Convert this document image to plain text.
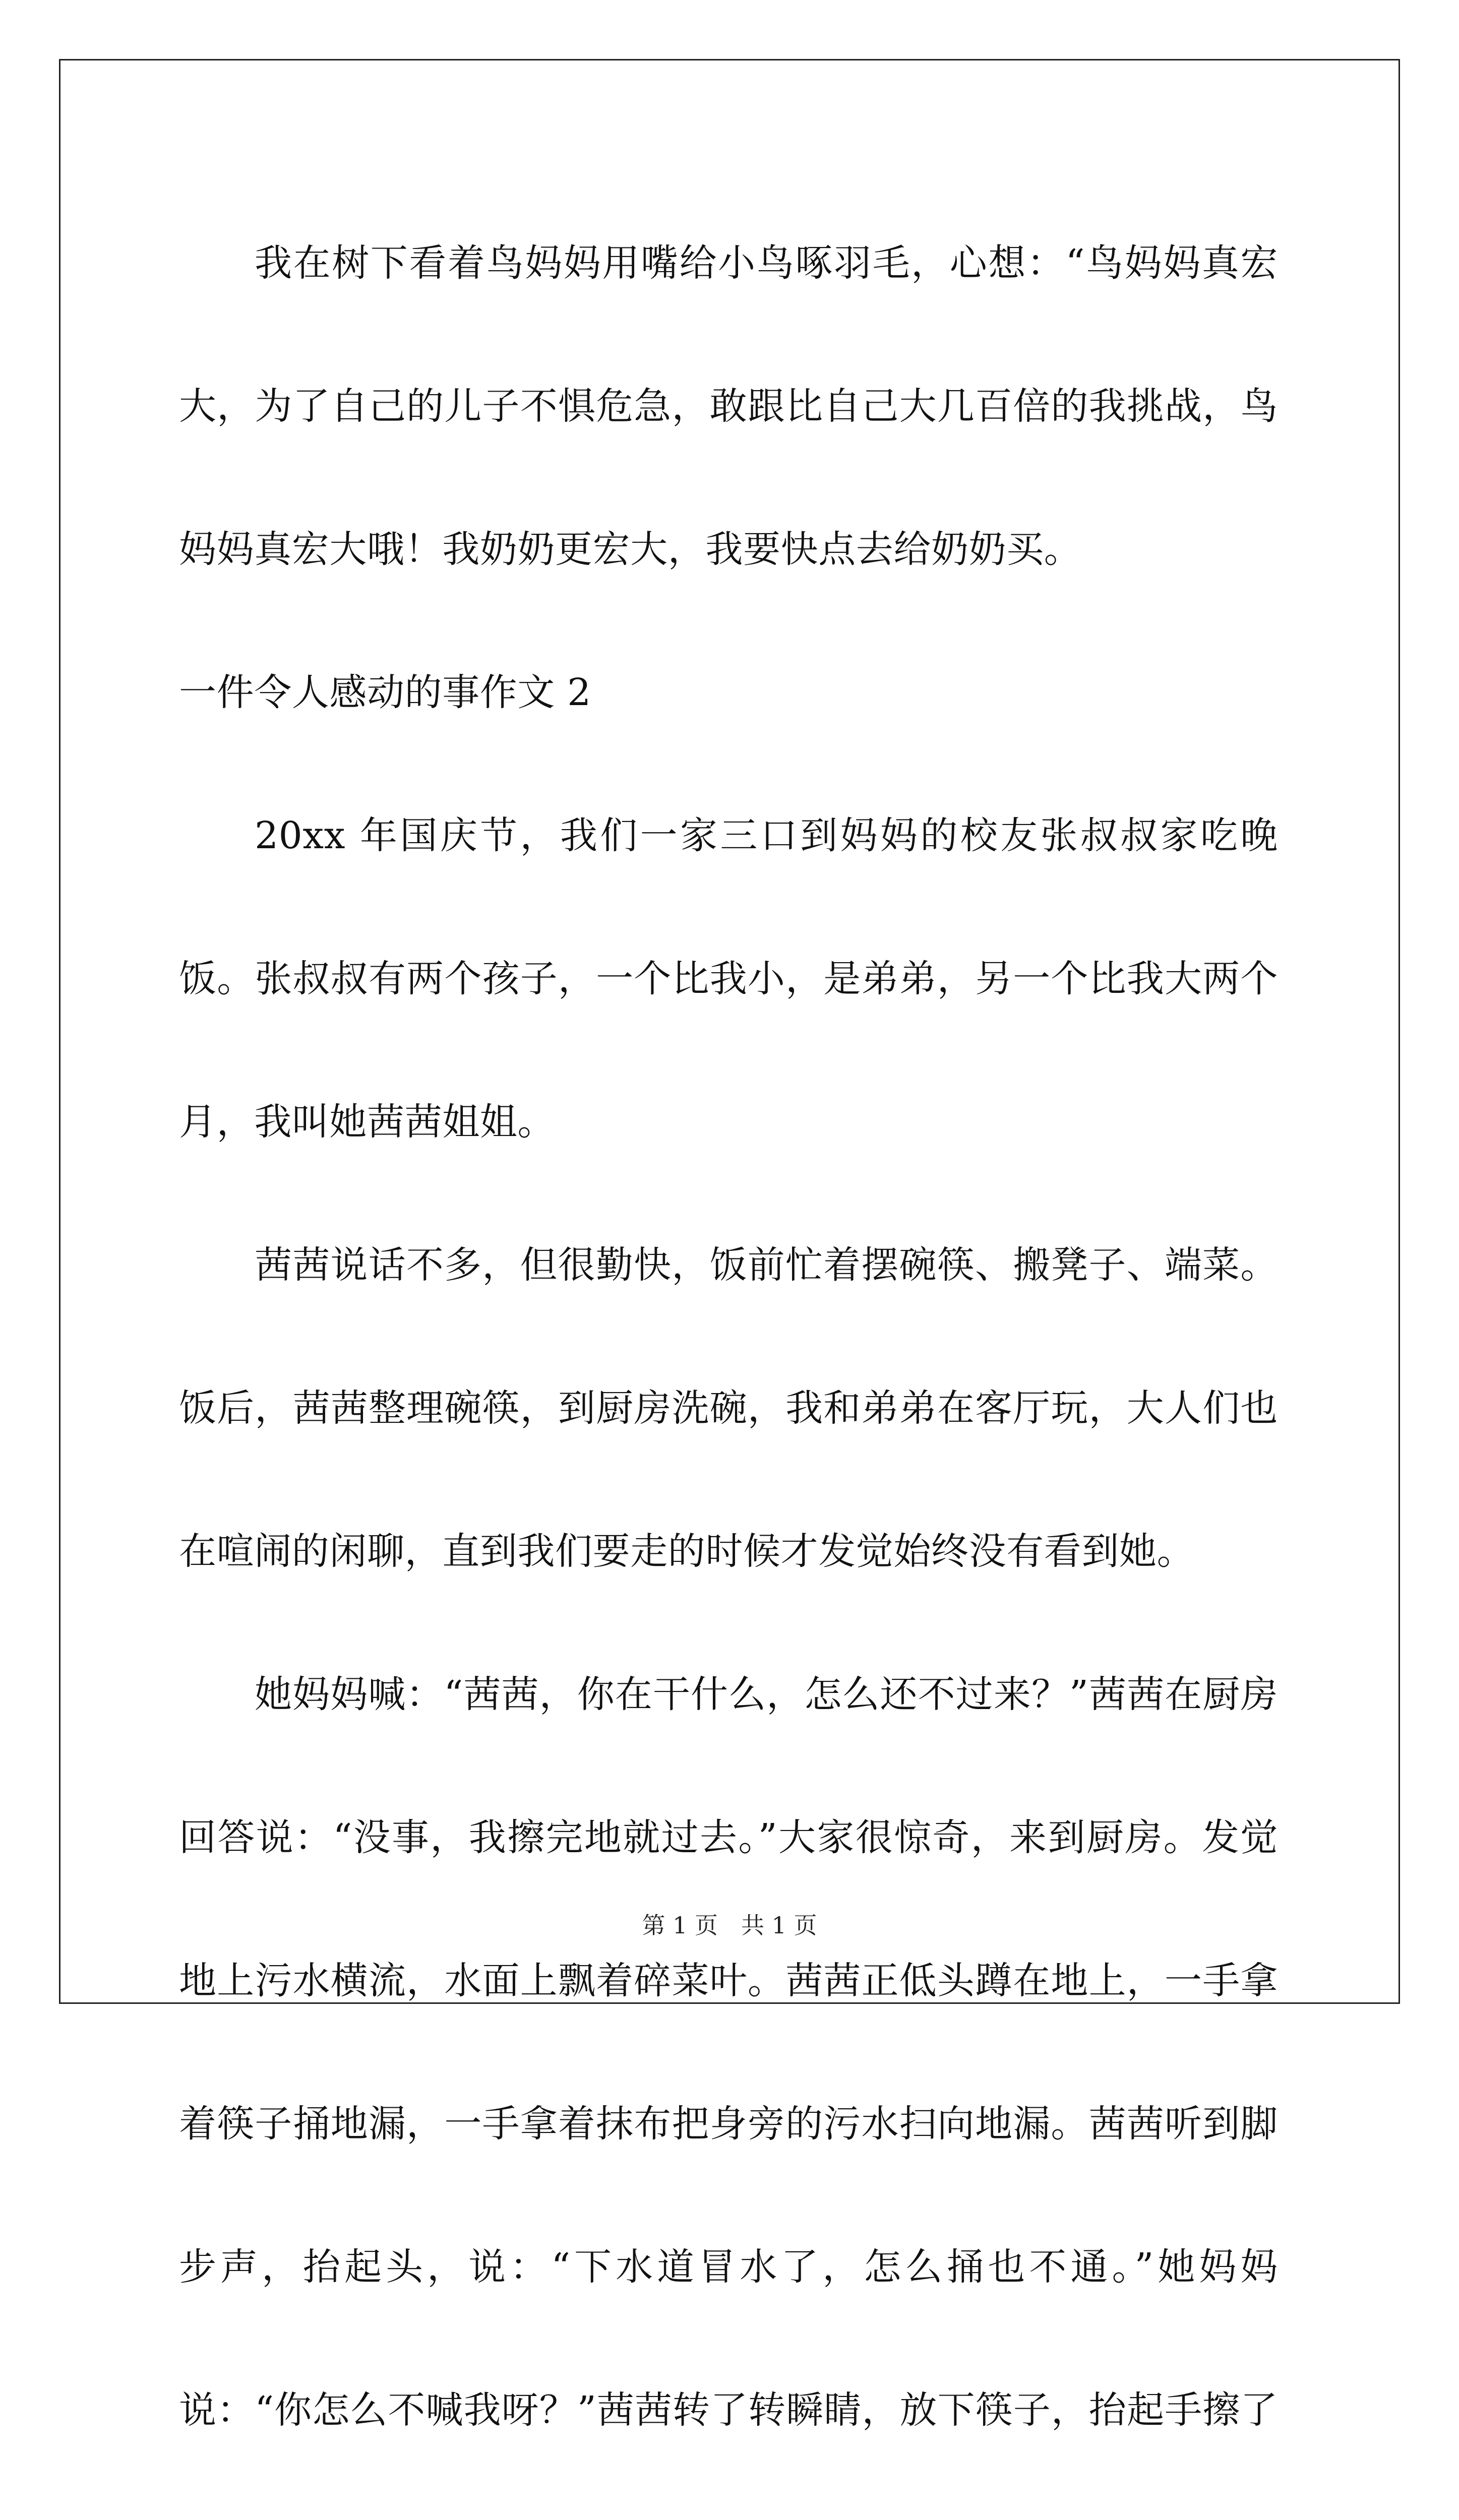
我在树下看着鸟妈妈用嘴给小鸟啄羽毛，心想：“鸟妈妈真宏大，为了自己的儿子不惧危急，敢跟比自己大几百倍的我挑战，鸟妈妈真宏大哦！我奶奶更宏大，我要快点去给奶奶买。

一件令人感动的事作文 2

20xx 年国庆节，我们一家三口到妈妈的校友张叔叔家吃晚饭。张叔叔有两个孩子，一个比我小，是弟弟，另一个比我大两个月，我叫她茜茜姐姐。

茜茜说话不多，但很勤快，饭前忙着摆碗筷、搬凳子、端菜。饭后，茜茜整理碗筷，到厨房洗碗，我和弟弟在客厅玩，大人们也在喧闹的闲聊，直到我们要走的时候才发觉始终没有看到她。

她妈妈喊：“茜茜，你在干什么，怎么还不过来？”茜茜在厨房回答说：“没事，我擦完地就过去。”大家很惊奇，来到厨房。发觉地上污水横流，水面上飘着碎菜叶。茜茜正低头蹲在地上，一手拿着筷子捅地漏，一手拿着抹布把身旁的污水扫向地漏。茜茜听到脚步声，抬起头，说：“下水道冒水了，怎么捅也不通。”她妈妈说：“你怎么不喊我呀？”茜茜转了转瞬睛，放下筷子，抬起手擦了

第 1 页 共 1 页
